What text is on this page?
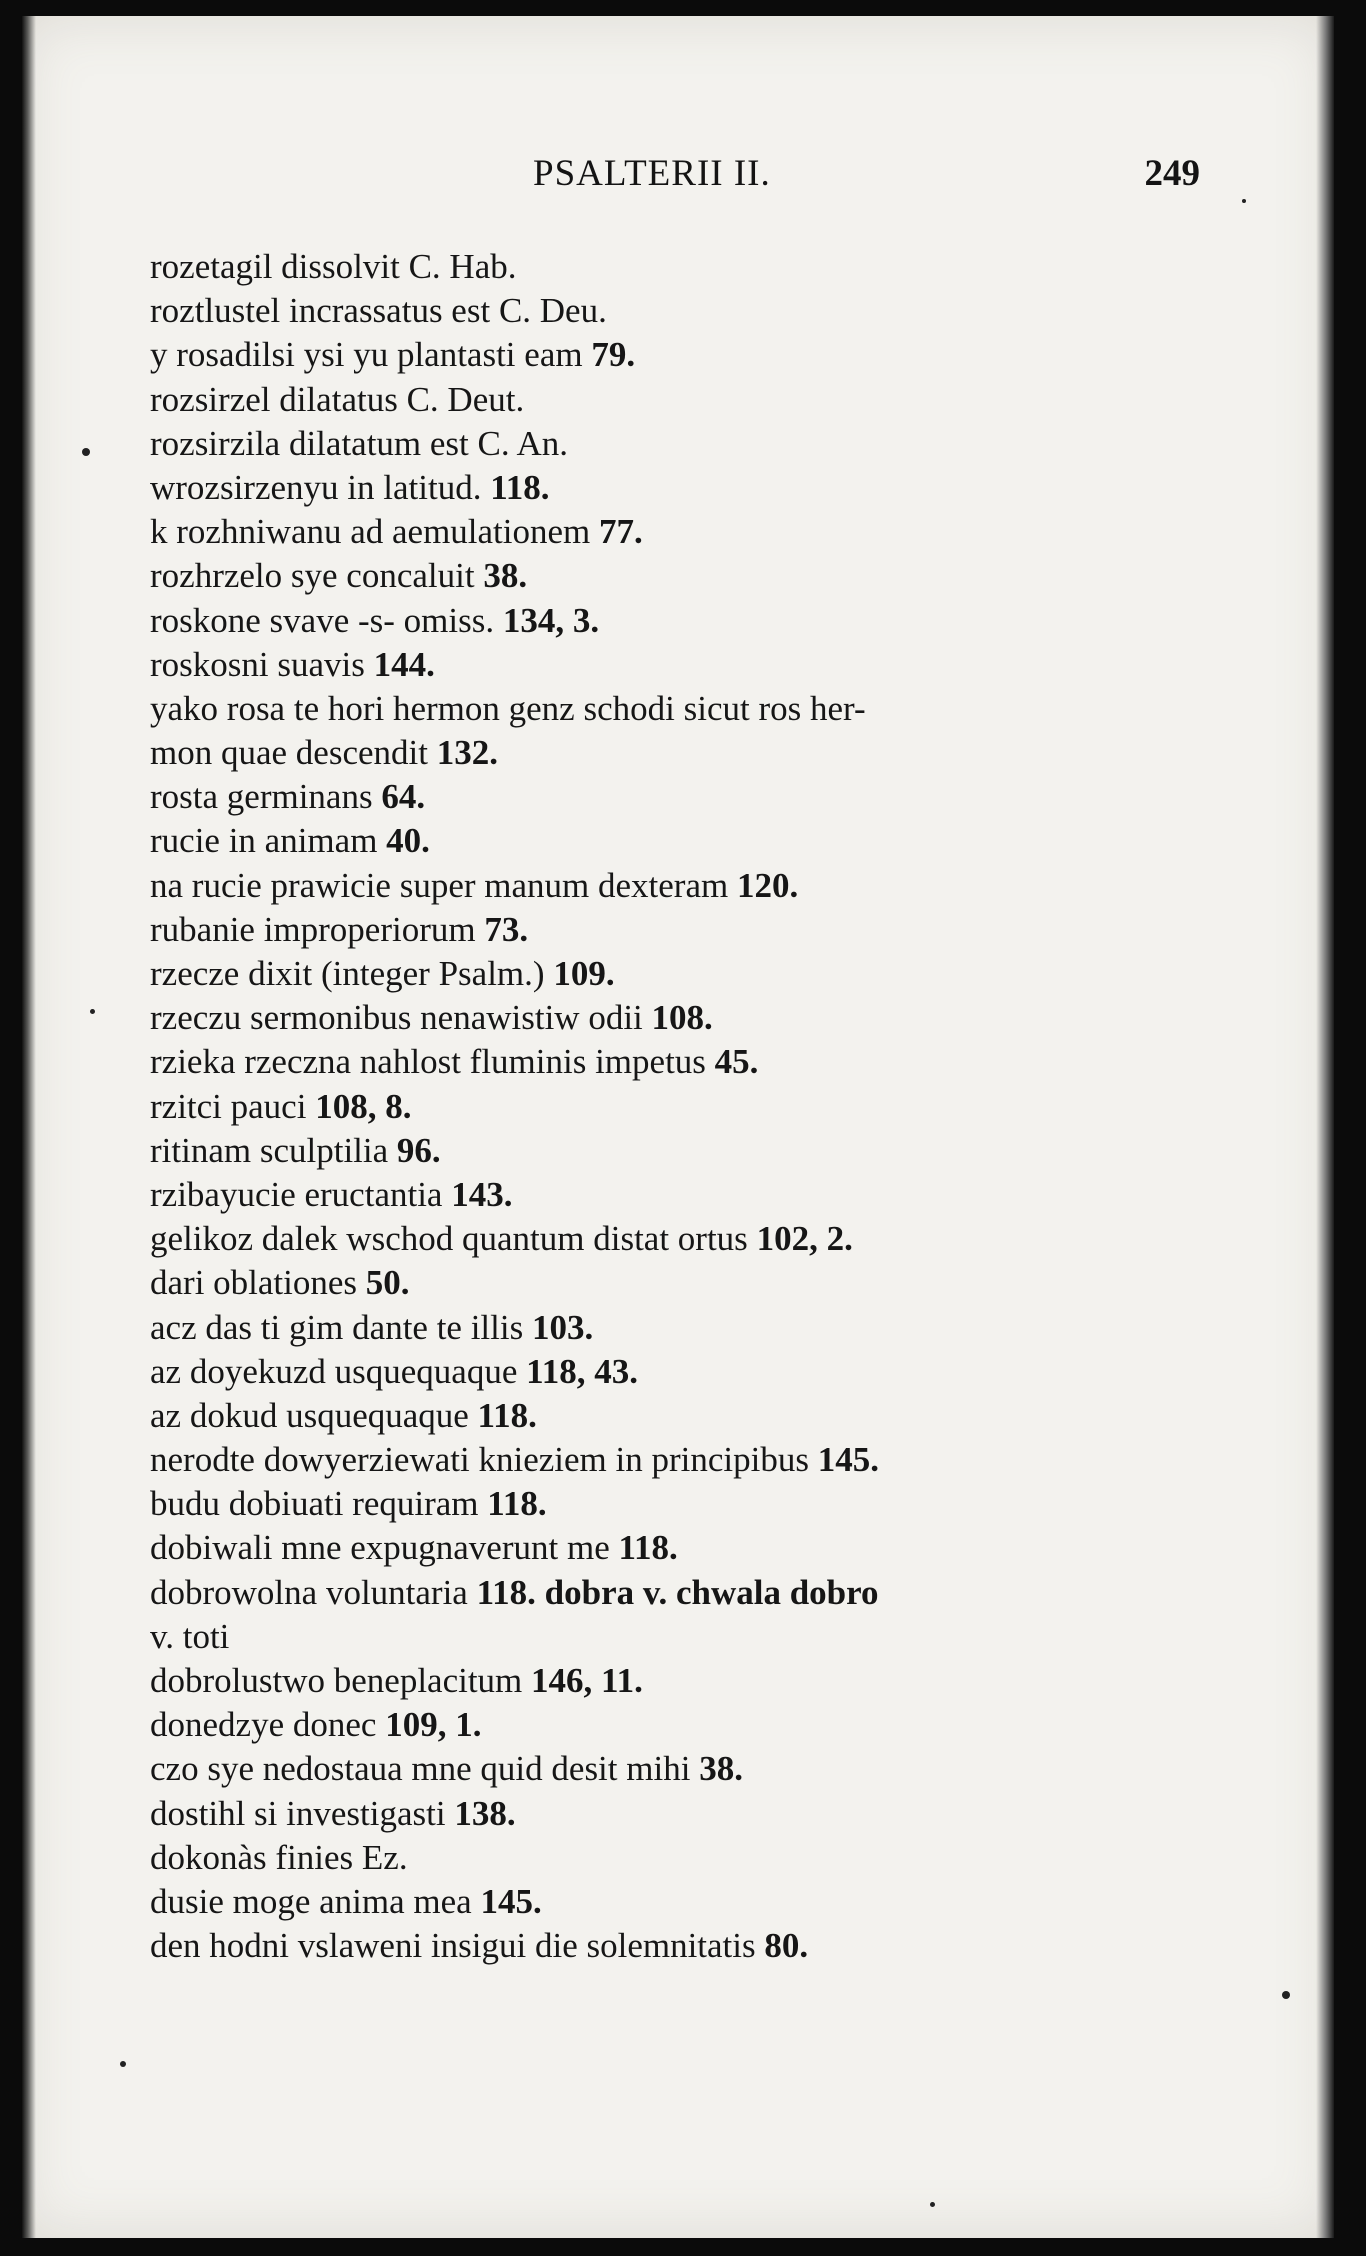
PSALTERII II.	249
rozetagil dissolvit C. Hab.
roztlustel incrassatus est C. Deu.
y rosadilsi ysi yu plantasti eam 79.
rozsirzel dilatatus C. Deut.
rozsirzila dilatatum est C. An.
wrozsirzenyu in latitud. 118.
k rozhniwanu ad aemulationem 77.
rozhrzelo sye concaluit 38.
roskone svave -s- omiss. 134, 3.
roskosni suavis 144.
yako rosa te hori hermon genz schodi sicut ros her-
mon quae descendit 132.
rosta germinans 64.
rucie in animam 40.
na rucie prawicie super manum dexteram 120.
rubanie improperiorum 73.
rzecze dixit (integer Psalm.) 109.
rzeczu sermonibus nenawistiw odii 108.
rzieka rzeczna nahlost fluminis impetus 45.
rzitci pauci 108, 8.
ritinam sculptilia 96.
rzibayucie eructantia 143.
gelikoz dalek wschod quantum distat ortus 102, 2.
dari oblationes 50.
acz das ti gim dante te illis 103.
az doyekuzd usquequaque 118, 43.
az dokud usquequaque 118.
nerodte dowyerziewati knieziem in principibus 145.
budu dobiuati requiram 118.
dobiwali mne expugnaverunt me 118.
dobrowolna voluntaria 118. dobra v. chwala dobro
v. toti
dobrolustwo beneplacitum 146, 11.
donedzye donec 109, 1.
czo sye nedostaua mne quid desit mihi 38.
dostihl si investigasti 138.
dokonàs finies Ez.
dusie moge anima mea 145.
den hodni vslaweni insigui die solemnitatis 80.
